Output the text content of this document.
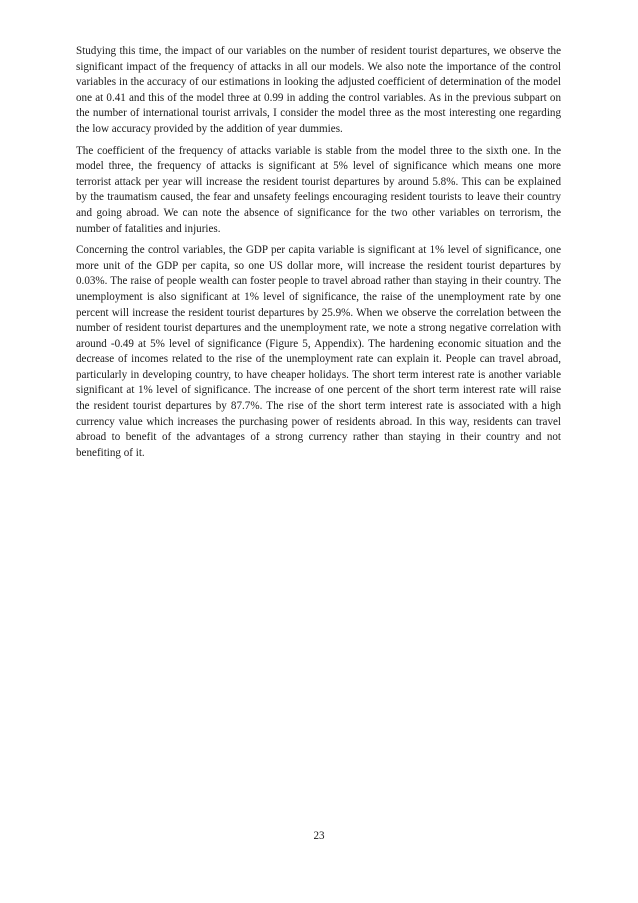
Studying this time, the impact of our variables on the number of resident tourist departures, we observe the significant impact of the frequency of attacks in all our models. We also note the importance of the control variables in the accuracy of our estimations in looking the adjusted coefficient of determination of the model one at 0.41 and this of the model three at 0.99 in adding the control variables. As in the previous subpart on the number of international tourist arrivals, I consider the model three as the most interesting one regarding the low accuracy provided by the addition of year dummies.

The coefficient of the frequency of attacks variable is stable from the model three to the sixth one. In the model three, the frequency of attacks is significant at 5% level of significance which means one more terrorist attack per year will increase the resident tourist departures by around 5.8%. This can be explained by the traumatism caused, the fear and unsafety feelings encouraging resident tourists to leave their country and going abroad. We can note the absence of significance for the two other variables on terrorism, the number of fatalities and injuries.

Concerning the control variables, the GDP per capita variable is significant at 1% level of significance, one more unit of the GDP per capita, so one US dollar more, will increase the resident tourist departures by 0.03%. The raise of people wealth can foster people to travel abroad rather than staying in their country. The unemployment is also significant at 1% level of significance, the raise of the unemployment rate by one percent will increase the resident tourist departures by 25.9%. When we observe the correlation between the number of resident tourist departures and the unemployment rate, we note a strong negative correlation with around -0.49 at 5% level of significance (Figure 5, Appendix). The hardening economic situation and the decrease of incomes related to the rise of the unemployment rate can explain it. People can travel abroad, particularly in developing country, to have cheaper holidays. The short term interest rate is another variable significant at 1% level of significance. The increase of one percent of the short term interest rate will raise the resident tourist departures by 87.7%. The rise of the short term interest rate is associated with a high currency value which increases the purchasing power of residents abroad. In this way, residents can travel abroad to benefit of the advantages of a strong currency rather than staying in their country and not benefiting of it.

23
